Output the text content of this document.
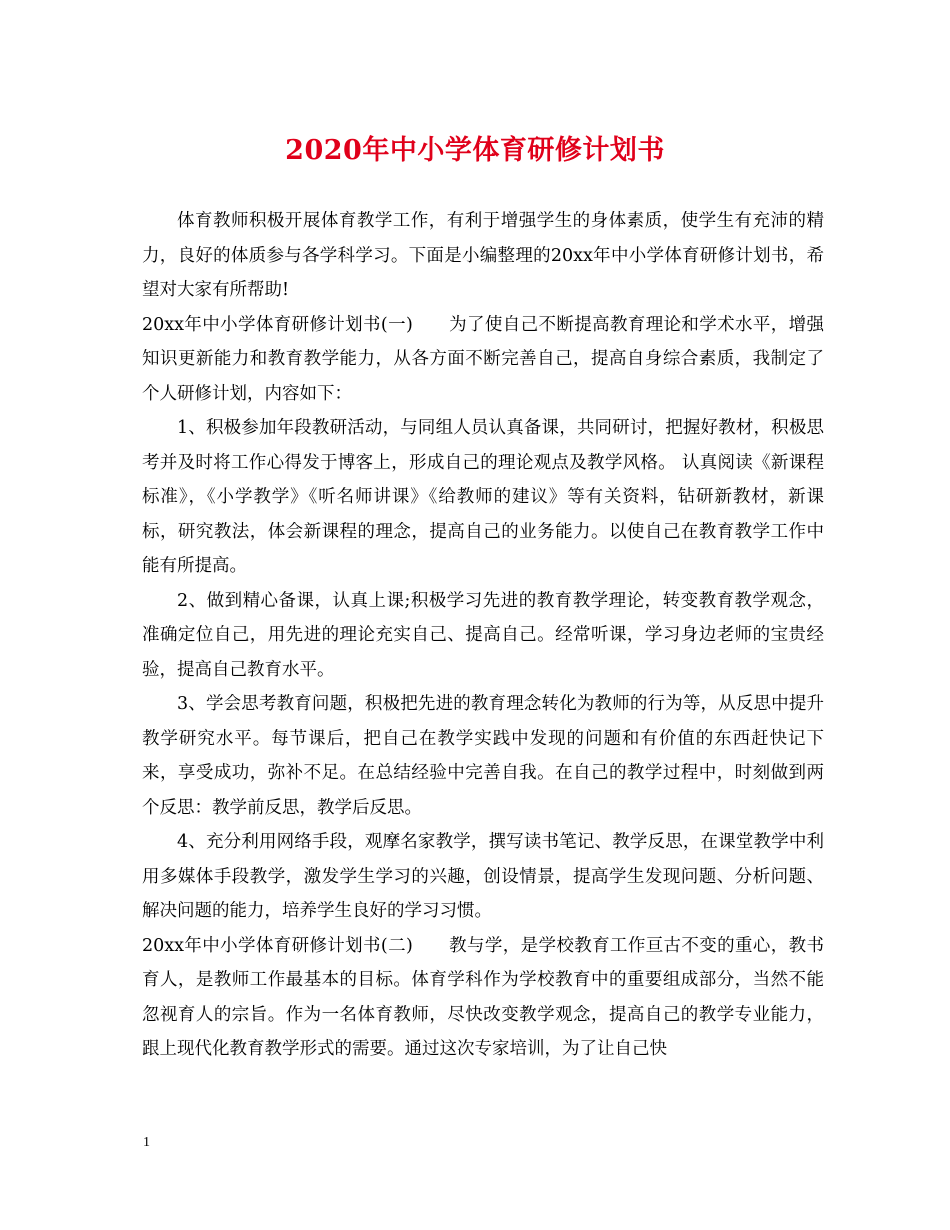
2020年中小学体育研修计划书

体育教师积极开展体育教学工作，有利于增强学生的身体素质，使学生有充沛的精力，良好的体质参与各学科学习。下面是小编整理的20xx年中小学体育研修计划书，希望对大家有所帮助!

20xx年中小学体育研修计划书(一) 为了使自己不断提高教育理论和学术水平，增强知识更新能力和教育教学能力，从各方面不断完善自己，提高自身综合素质，我制定了个人研修计划，内容如下：

1、积极参加年段教研活动，与同组人员认真备课，共同研讨，把握好教材，积极思考并及时将工作心得发于博客上，形成自己的理论观点及教学风格。 认真阅读《新课程标准》，《小学教学》《听名师讲课》《给教师的建议》等有关资料，钻研新教材，新课标，研究教法，体会新课程的理念，提高自己的业务能力。以使自己在教育教学工作中能有所提高。

2、做到精心备课，认真上课;积极学习先进的教育教学理论，转变教育教学观念，准确定位自己，用先进的理论充实自己、提高自己。经常听课，学习身边老师的宝贵经验，提高自己教育水平。

3、学会思考教育问题，积极把先进的教育理念转化为教师的行为等，从反思中提升教学研究水平。每节课后，把自己在教学实践中发现的问题和有价值的东西赶快记下来，享受成功，弥补不足。在总结经验中完善自我。在自己的教学过程中，时刻做到两个反思：教学前反思，教学后反思。

4、充分利用网络手段，观摩名家教学，撰写读书笔记、教学反思，在课堂教学中利用多媒体手段教学，激发学生学习的兴趣，创设情景，提高学生发现问题、分析问题、解决问题的能力，培养学生良好的学习习惯。

20xx年中小学体育研修计划书(二) 教与学，是学校教育工作亘古不变的重心，教书育人，是教师工作最基本的目标。体育学科作为学校教育中的重要组成部分，当然不能忽视育人的宗旨。作为一名体育教师，尽快改变教学观念，提高自己的教学专业能力，跟上现代化教育教学形式的需要。通过这次专家培训，为了让自己快

1
